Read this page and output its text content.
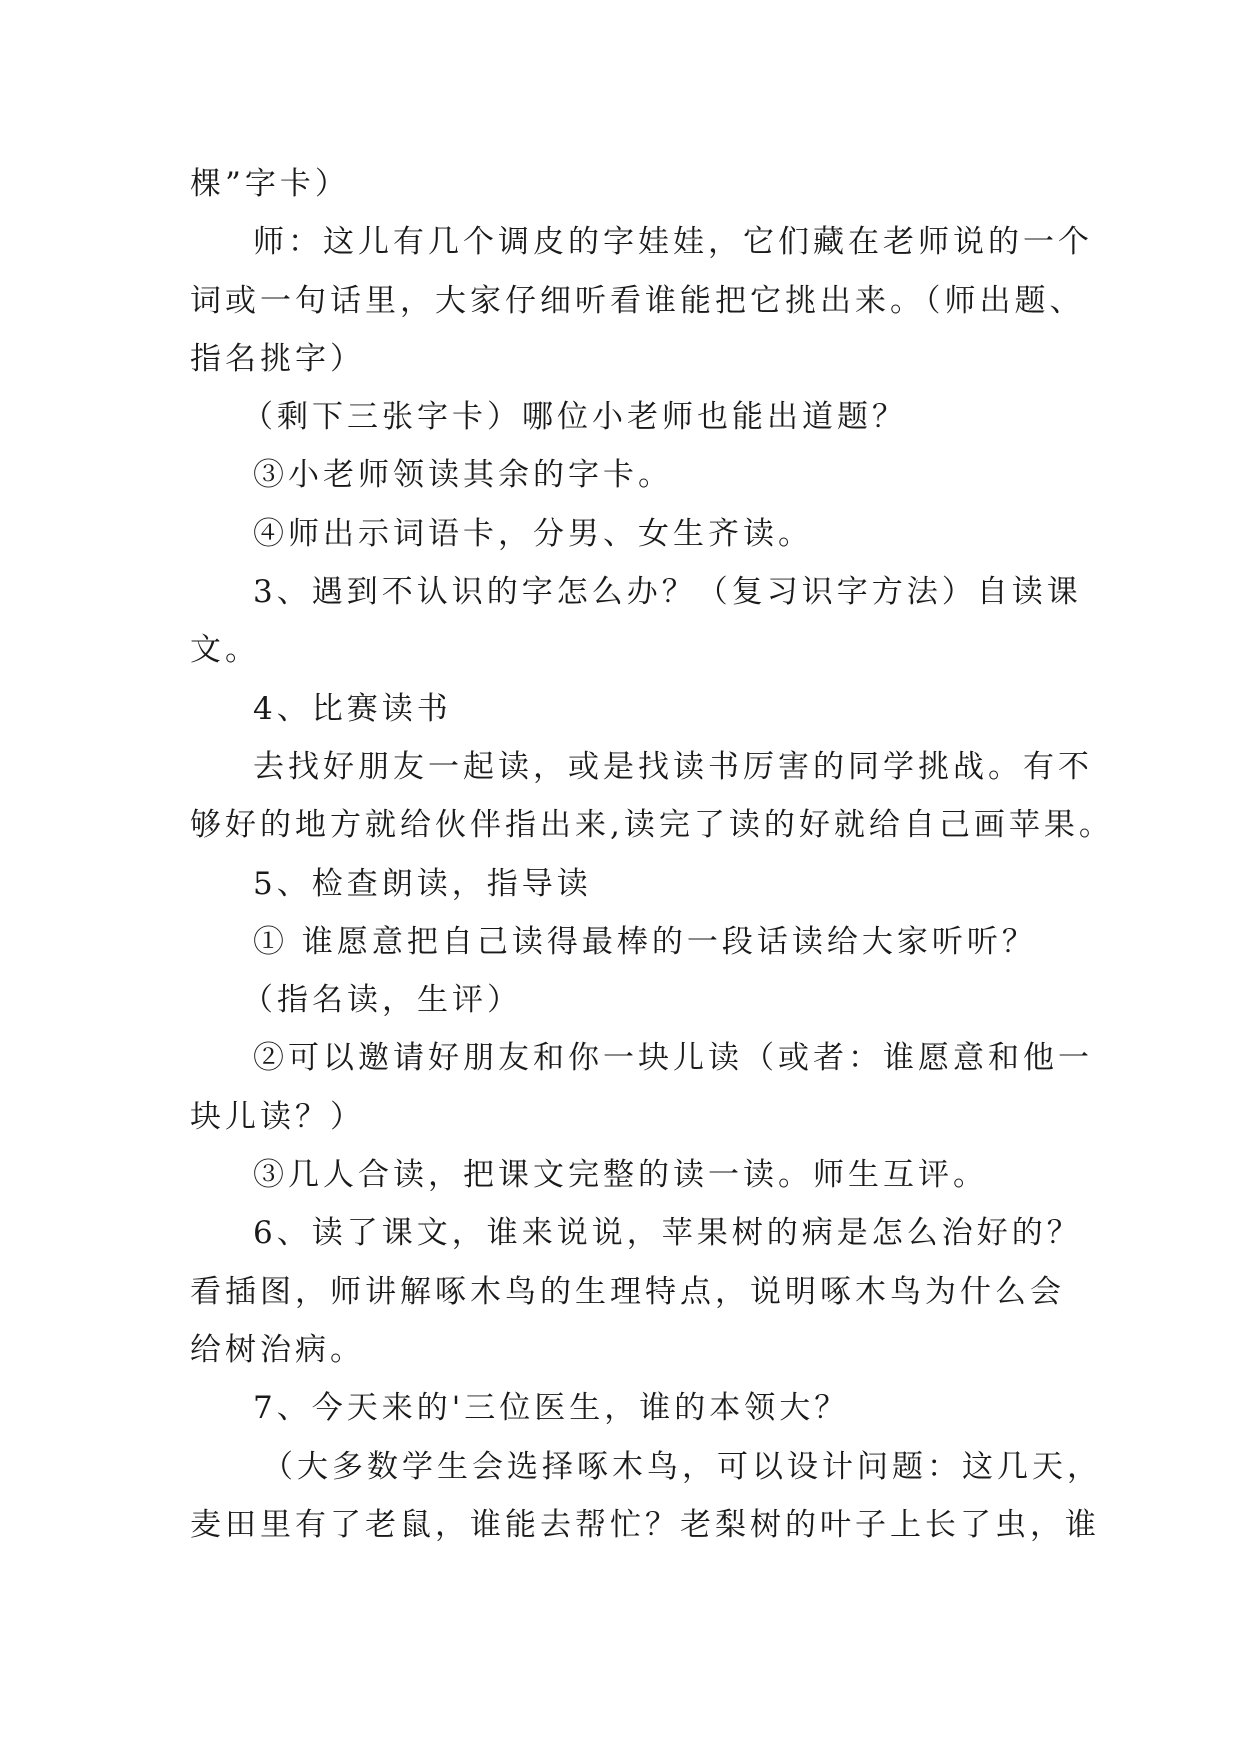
棵”字卡）

师：这儿有几个调皮的字娃娃，它们藏在老师说的一个

词或一句话里，大家仔细听看谁能把它挑出来。（师出题、

指名挑字）

（剩下三张字卡）哪位小老师也能出道题？

③小老师领读其余的字卡。

④师出示词语卡，分男、女生齐读。

3、遇到不认识的字怎么办？（复习识字方法）自读课

文。

4、比赛读书

去找好朋友一起读，或是找读书厉害的同学挑战。有不

够好的地方就给伙伴指出来,读完了读的好就给自己画苹果。

5、检查朗读，指导读

① 谁愿意把自己读得最棒的一段话读给大家听听？

（指名读，生评）

②可以邀请好朋友和你一块儿读（或者：谁愿意和他一

块儿读？）

③几人合读，把课文完整的读一读。师生互评。

6、读了课文，谁来说说，苹果树的病是怎么治好的？

看插图，师讲解啄木鸟的生理特点，说明啄木鸟为什么会

给树治病。

7、今天来的'三位医生，谁的本领大？

（大多数学生会选择啄木鸟，可以设计问题：这几天，

麦田里有了老鼠，谁能去帮忙？老梨树的叶子上长了虫，谁
